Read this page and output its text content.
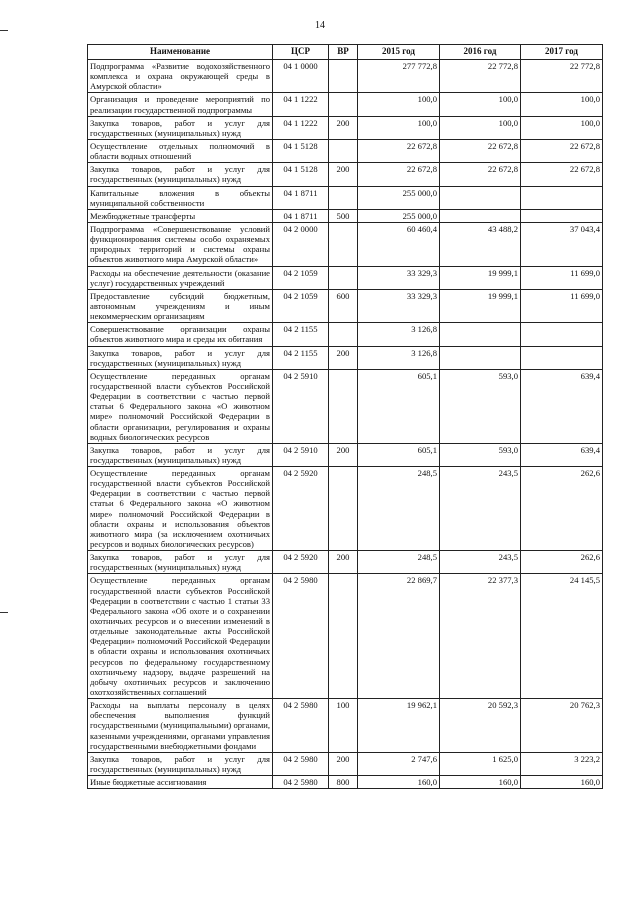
14
Наименование	ЦСР	ВР	2015 год	2016 год	2017 год
Подпрограмма «Развитие водохозяйственного комплекса и охрана окружающей среды в Амурской области»	04 1 0000		277 772,8	22 772,8	22 772,8
Организация и проведение мероприятий по реализации государственной подпрограммы	04 1 1222		100,0	100,0	100,0
Закупка товаров, работ и услуг для государственных (муниципальных) нужд	04 1 1222	200	100,0	100,0	100,0
Осуществление отдельных полномочий в области водных отношений	04 1 5128		22 672,8	22 672,8	22 672,8
Закупка товаров, работ и услуг для государственных (муниципальных) нужд	04 1 5128	200	22 672,8	22 672,8	22 672,8
Капитальные вложения в объекты муниципальной собственности	04 1 8711		255 000,0		
Межбюджетные трансферты	04 1 8711	500	255 000,0		
Подпрограмма «Совершенствование условий функционирования системы особо охраняемых природных территорий и системы охраны объектов животного мира Амурской области»	04 2 0000		60 460,4	43 488,2	37 043,4
Расходы на обеспечение деятельности (оказание услуг) государственных учреждений	04 2 1059		33 329,3	19 999,1	11 699,0
Предоставление субсидий бюджетным, автономным учреждениям и иным некоммерческим организациям	04 2 1059	600	33 329,3	19 999,1	11 699,0
Совершенствование организации охраны объектов животного мира и среды их обитания	04 2 1155		3 126,8		
Закупка товаров, работ и услуг для государственных (муниципальных) нужд	04 2 1155	200	3 126,8		
Осуществление переданных органам государственной власти субъектов Российской Федерации в соответствии с частью первой статьи 6 Федерального закона «О животном мире» полномочий Российской Федерации в области организации, регулирования и охраны водных биологических ресурсов	04 2 5910		605,1	593,0	639,4
Закупка товаров, работ и услуг для государственных (муниципальных) нужд	04 2 5910	200	605,1	593,0	639,4
Осуществление переданных органам государственной власти субъектов Российской Федерации в соответствии с частью первой статьи 6 Федерального закона «О животном мире» полномочий Российской Федерации в области охраны и использования объектов животного мира (за исключением охотничьих ресурсов и водных биологических ресурсов)	04 2 5920		248,5	243,5	262,6
Закупка товаров, работ и услуг для государственных (муниципальных) нужд	04 2 5920	200	248,5	243,5	262,6
Осуществление переданных органам государственной власти субъектов Российской Федерации в соответствии с частью 1 статьи 33 Федерального закона «Об охоте и о сохранении охотничьих ресурсов и о внесении изменений в отдельные законодательные акты Российской Федерации» полномочий Российской Федерации в области охраны и использования охотничьих ресурсов по федеральному государственному охотничьему надзору, выдаче разрешений на добычу охотничьих ресурсов и заключению охотхозяйственных соглашений	04 2 5980		22 869,7	22 377,3	24 145,5
Расходы на выплаты персоналу в целях обеспечения выполнения функций государственными (муниципальными) органами, казенными учреждениями, органами управления государственными внебюджетными фондами	04 2 5980	100	19 962,1	20 592,3	20 762,3
Закупка товаров, работ и услуг для государственных (муниципальных) нужд	04 2 5980	200	2 747,6	1 625,0	3 223,2
Иные бюджетные ассигнования	04 2 5980	800	160,0	160,0	160,0
